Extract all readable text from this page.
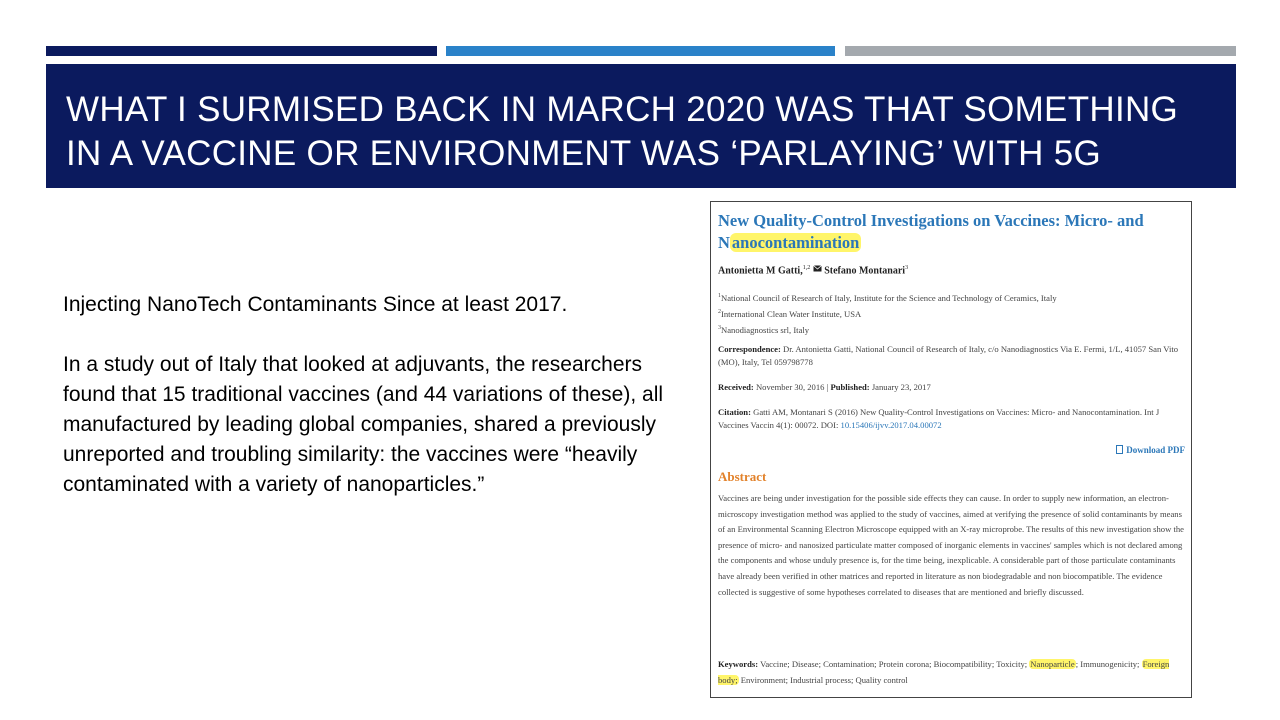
WHAT I SURMISED BACK IN MARCH 2020 WAS THAT SOMETHING
IN A VACCINE OR ENVIRONMENT WAS ‘PARLAYING’ WITH 5G
Injecting NanoTech Contaminants Since at least 2017.
In a study out of Italy that looked at adjuvants, the researchers found that 15 traditional vaccines (and 44 variations of these), all manufactured by leading global companies, shared a previously unreported and troubling similarity: the vaccines were “heavily contaminated with a variety of nanoparticles.”
New Quality-Control Investigations on Vaccines: Micro- and N anocontamination
Antonietta M Gatti,$^{1,2}$ Stefano Montanari$^3$
$^1$National Council of Research of Italy, Institute for the Science and Technology of Ceramics, Italy
$^2$International Clean Water Institute, USA
$^3$Nanodiagnostics srl, Italy
Correspondence: Dr. Antonietta Gatti, National Council of Research of Italy, c/o Nanodiagnostics Via E. Fermi, 1/L, 41057 San Vito (MO), Italy, Tel 059798778
Received: November 30, 2016 | Published: January 23, 2017
Citation: Gatti AM, Montanari S (2016) New Quality-Control Investigations on Vaccines: Micro- and Nanocontamination. Int J Vaccines Vaccin 4(1): 00072. DOI: 10.15406/ijvv.2017.04.00072
Download PDF
Abstract
Vaccines are being under investigation for the possible side effects they can cause. In order to supply new information, an electron-microscopy investigation method was applied to the study of vaccines, aimed at verifying the presence of solid contaminants by means of an Environmental Scanning Electron Microscope equipped with an X-ray microprobe. The results of this new investigation show the presence of micro- and nanosized particulate matter composed of inorganic elements in vaccines' samples which is not declared among the components and whose unduly presence is, for the time being, inexplicable. A considerable part of those particulate contaminants have already been verified in other matrices and reported in literature as non biodegradable and non biocompatible. The evidence collected is suggestive of some hypotheses correlated to diseases that are mentioned and briefly discussed.
Keywords: Vaccine; Disease; Contamination; Protein corona; Biocompatibility; Toxicity; Nanoparticle; Immunogenicity; Foreign body; Environment; Industrial process; Quality control
